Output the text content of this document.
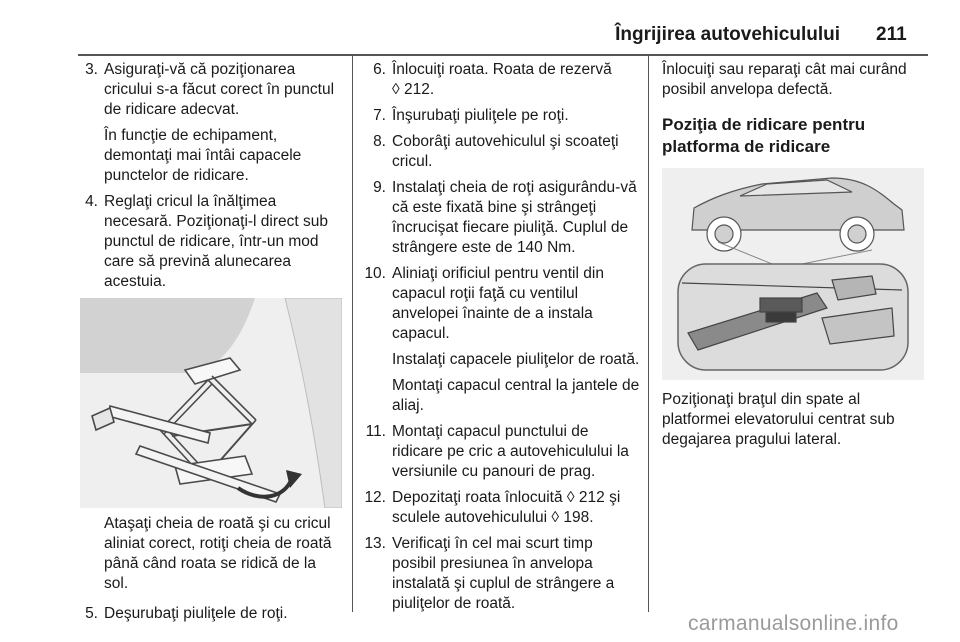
Îngrijirea autovehiculului 211
3. Asiguraţi-vă că poziţionarea cricului s-a făcut corect în punctul de ridicare adecvat.
În funcţie de echipament, demontaţi mai întâi capacele punctelor de ridicare.
4. Reglaţi cricul la înălţimea necesară. Poziţionaţi-l direct sub punctul de ridicare, într-un mod care să prevină alunecarea acestuia.
Ataşaţi cheia de roată şi cu cricul aliniat corect, rotiţi cheia de roată până când roata se ridică de la sol.
5. Deşurubaţi piuliţele de roţi.
6. Înlocuiţi roata. Roata de rezervă
◊ 212.
7. Înşurubaţi piuliţele pe roţi.
8. Coborâţi autovehiculul şi scoateţi cricul.
9. Instalaţi cheia de roţi asigurându-vă că este fixată bine şi strângeţi încrucişat fiecare piuliţă. Cuplul de strângere este de 140 Nm.
10. Aliniaţi orificiul pentru ventil din capacul roţii faţă cu ventilul anvelopei înainte de a instala capacul.
Instalaţi capacele piuliţelor de roată.
Montaţi capacul central la jantele de aliaj.
11. Montaţi capacul punctului de ridicare pe cric a autovehiculului la versiunile cu panouri de prag.
12. Depozitaţi roata înlocuită ◊ 212 şi sculele autovehiculului ◊ 198.
13. Verificaţi în cel mai scurt timp posibil presiunea în anvelopa instalată şi cuplul de strângere a piuliţelor de roată.
Înlocuiţi sau reparaţi cât mai curând posibil anvelopa defectă.
Poziţia de ridicare pentru platforma de ridicare
Poziţionaţi braţul din spate al platformei elevatorului centrat sub degajarea pragului lateral.
carmanualsonline.info
